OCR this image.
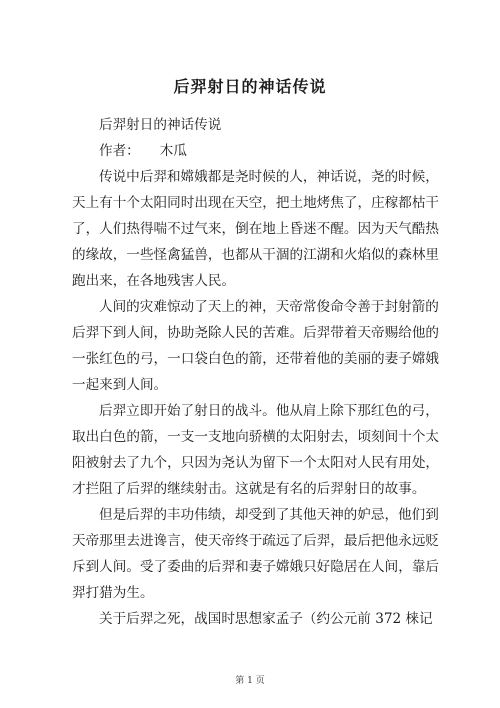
后羿射日的神话传说
后羿射日的神话传说
作者： 木瓜
传说中后羿和嫦娥都是尧时候的人，神话说，尧的时候，
天上有十个太阳同时出现在天空，把土地烤焦了，庄稼都枯干
了，人们热得喘不过气来，倒在地上昏迷不醒。因为天气酷热
的缘故，一些怪禽猛兽，也都从干涸的江湖和火焰似的森林里
跑出来，在各地残害人民。
人间的灾难惊动了天上的神，天帝常俊命令善于封射箭的
后羿下到人间，协助尧除人民的苦难。后羿带着天帝赐给他的
一张红色的弓，一口袋白色的箭，还带着他的美丽的妻子嫦娥
一起来到人间。
后羿立即开始了射日的战斗。他从肩上除下那红色的弓，
取出白色的箭，一支一支地向骄横的太阳射去，顷刻间十个太
阳被射去了九个，只因为尧认为留下一个太阳对人民有用处，
才拦阻了后羿的继续射击。这就是有名的后羿射日的故事。
但是后羿的丰功伟绩，却受到了其他天神的妒忌，他们到
天帝那里去进谗言，使天帝终于疏远了后羿，最后把他永远贬
斥到人间。受了委曲的后羿和妻子嫦娥只好隐居在人间，靠后
羿打猎为生。
关于后羿之死，战国时思想家孟子（约公元前 372 梾记
第 1 页
